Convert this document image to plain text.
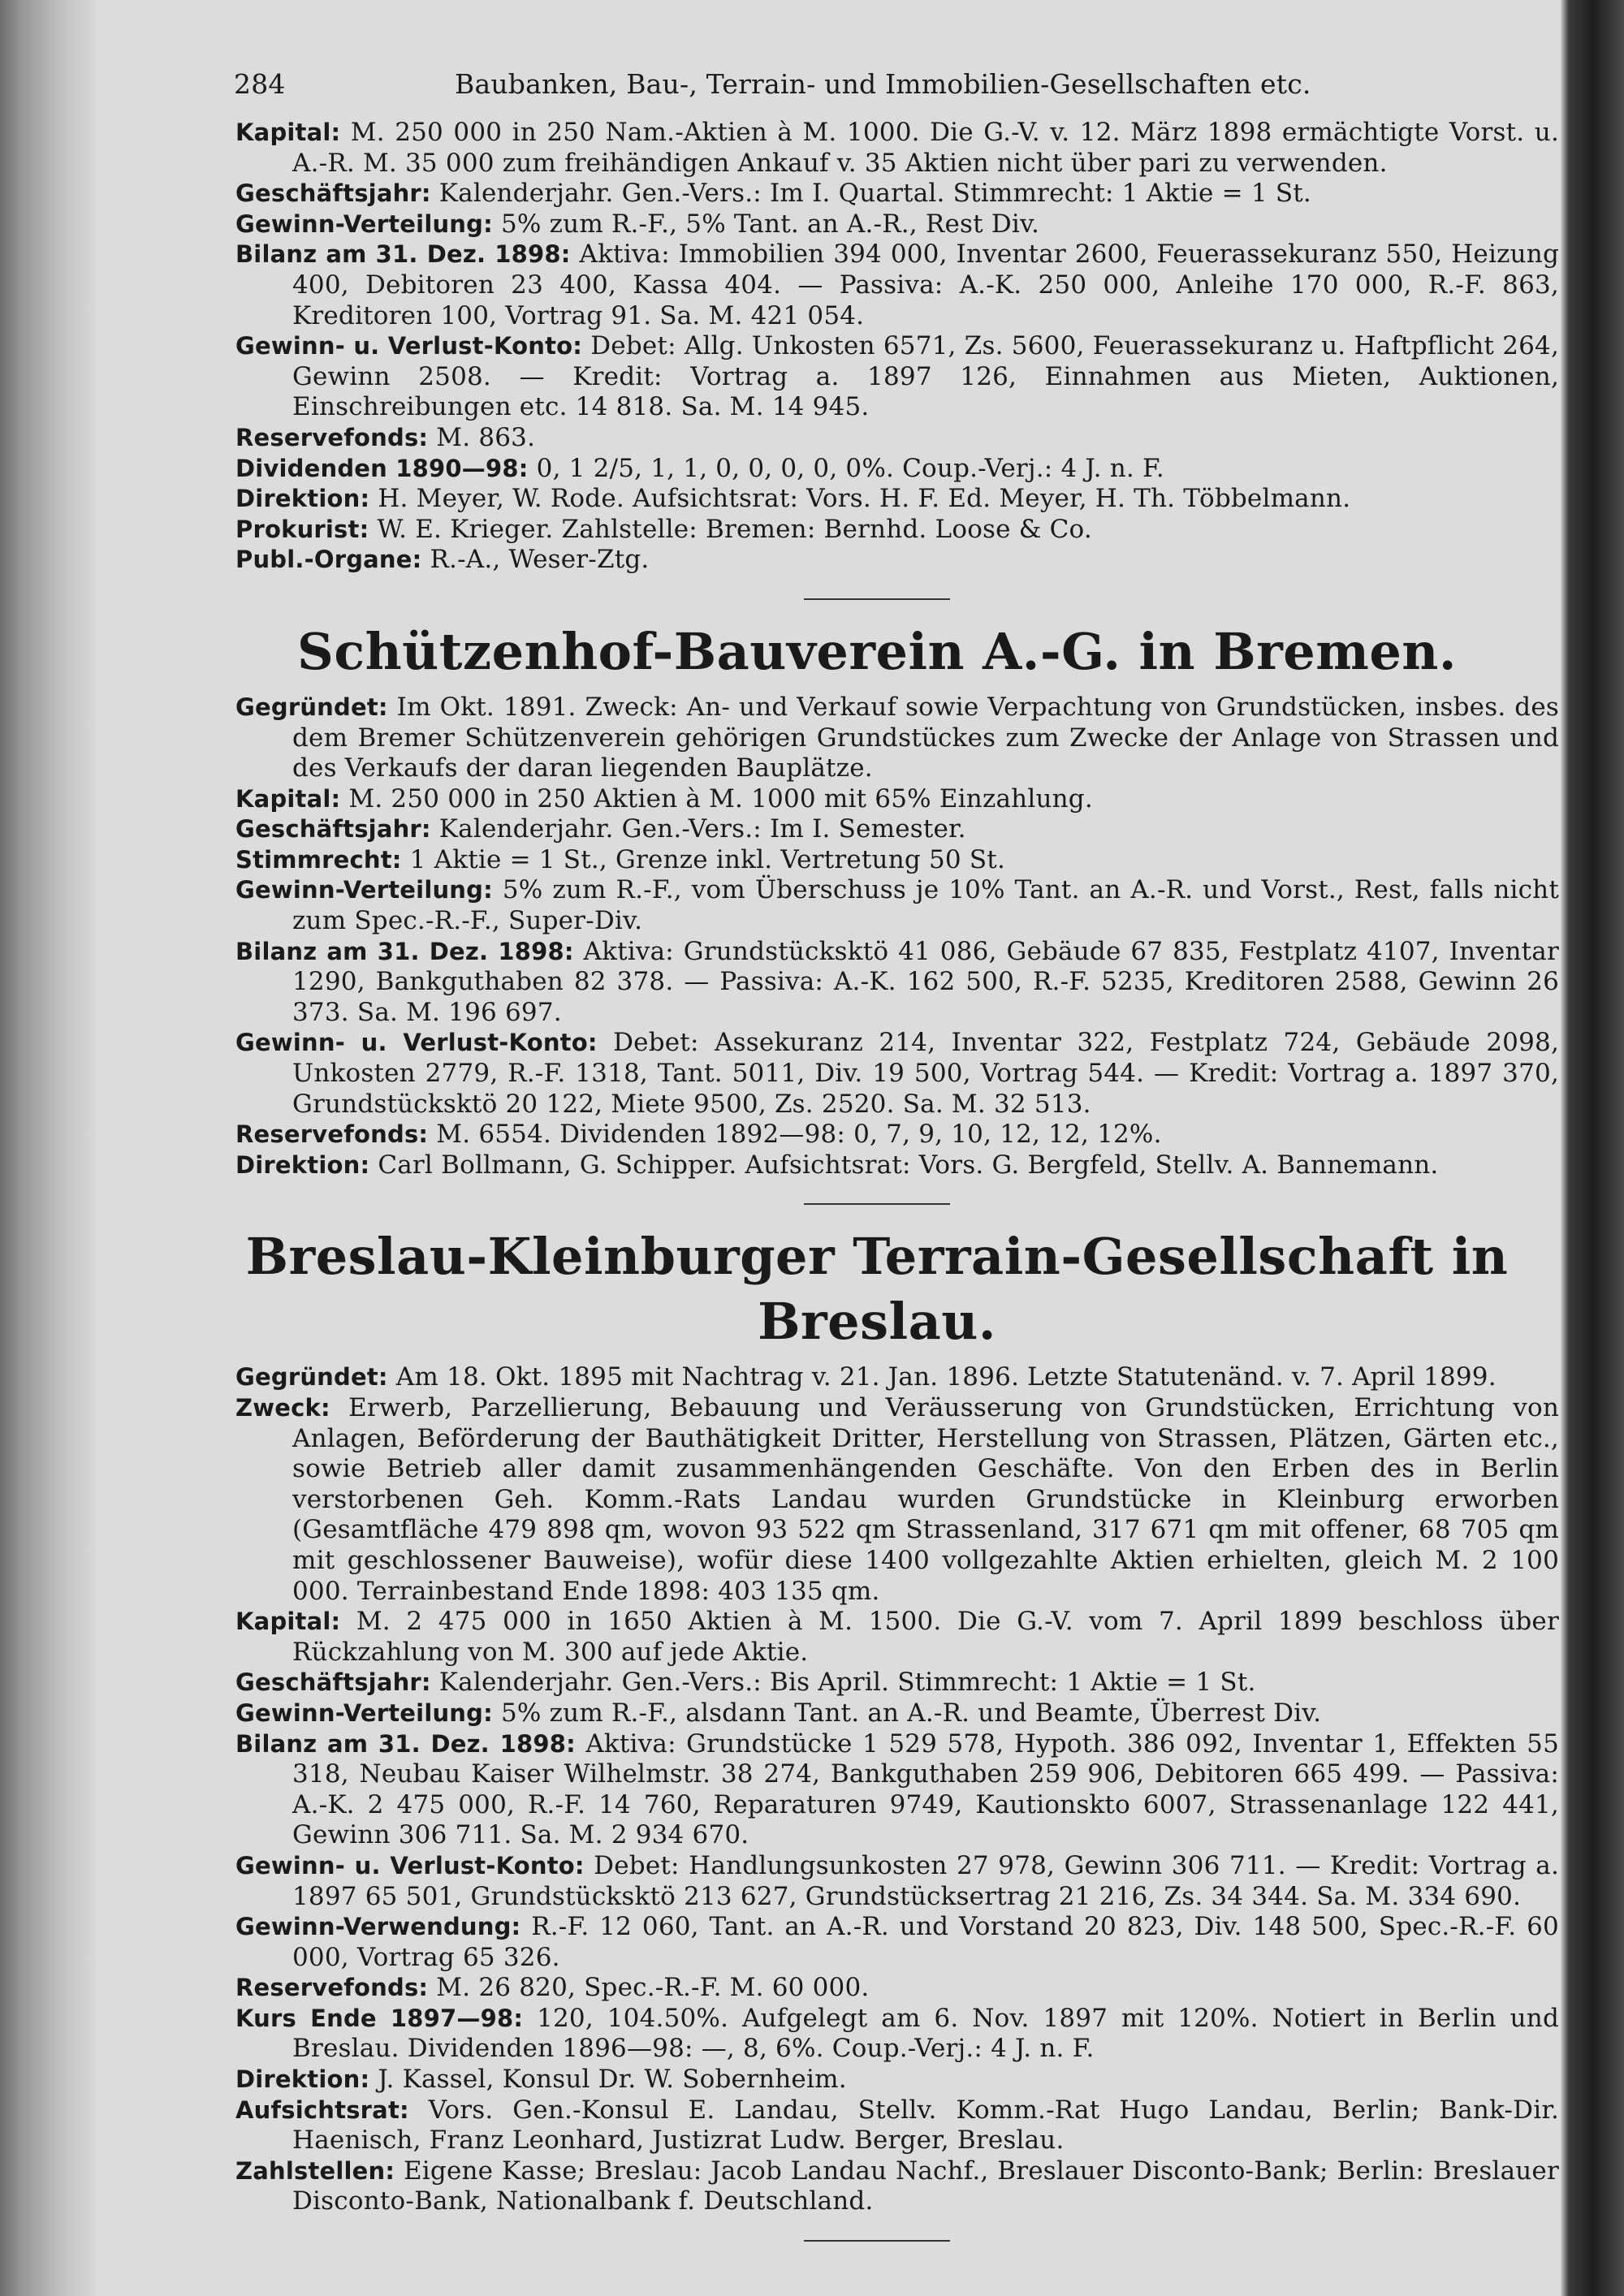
284	Baubanken, Bau-, Terrain- und Immobilien-Gesellschaften etc.

Kapital: M. 250 000 in 250 Nam.-Aktien à M. 1000. Die G.-V. v. 12. März 1898 ermächtigte Vorst. u. A.-R. M. 35 000 zum freihändigen Ankauf v. 35 Aktien nicht über pari zu verwenden.

Geschäftsjahr: Kalenderjahr. Gen.-Vers.: Im I. Quartal. Stimmrecht: 1 Aktie = 1 St.

Gewinn-Verteilung: 5% zum R.-F., 5% Tant. an A.-R., Rest Div.

Bilanz am 31. Dez. 1898: Aktiva: Immobilien 394 000, Inventar 2600, Feuerassekuranz 550, Heizung 400, Debitoren 23 400, Kassa 404. — Passiva: A.-K. 250 000, Anleihe 170 000, R.-F. 863, Kreditoren 100, Vortrag 91. Sa. M. 421 054.

Gewinn- u. Verlust-Konto: Debet: Allg. Unkosten 6571, Zs. 5600, Feuerassekuranz u. Haftpflicht 264, Gewinn 2508. — Kredit: Vortrag a. 1897 126, Einnahmen aus Mieten, Auktionen, Einschreibungen etc. 14 818. Sa. M. 14 945.

Reservefonds: M. 863.

Dividenden 1890—98: 0, 1 2/5, 1, 1, 0, 0, 0, 0, 0%. Coup.-Verj.: 4 J. n. F.

Direktion: H. Meyer, W. Rode. Aufsichtsrat: Vors. H. F. Ed. Meyer, H. Th. Többelmann.

Prokurist: W. E. Krieger. Zahlstelle: Bremen: Bernhd. Loose & Co.

Publ.-Organe: R.-A., Weser-Ztg.

Schützenhof-Bauverein A.-G. in Bremen.

Gegründet: Im Okt. 1891. Zweck: An- und Verkauf sowie Verpachtung von Grundstücken, insbes. des dem Bremer Schützenverein gehörigen Grundstückes zum Zwecke der Anlage von Strassen und des Verkaufs der daran liegenden Bauplätze.

Kapital: M. 250 000 in 250 Aktien à M. 1000 mit 65% Einzahlung.

Geschäftsjahr: Kalenderjahr. Gen.-Vers.: Im I. Semester.

Stimmrecht: 1 Aktie = 1 St., Grenze inkl. Vertretung 50 St.

Gewinn-Verteilung: 5% zum R.-F., vom Überschuss je 10% Tant. an A.-R. und Vorst., Rest, falls nicht zum Spec.-R.-F., Super-Div.

Bilanz am 31. Dez. 1898: Aktiva: Grundstücksktö 41 086, Gebäude 67 835, Festplatz 4107, Inventar 1290, Bankguthaben 82 378. — Passiva: A.-K. 162 500, R.-F. 5235, Kreditoren 2588, Gewinn 26 373. Sa. M. 196 697.

Gewinn- u. Verlust-Konto: Debet: Assekuranz 214, Inventar 322, Festplatz 724, Gebäude 2098, Unkosten 2779, R.-F. 1318, Tant. 5011, Div. 19 500, Vortrag 544. — Kredit: Vortrag a. 1897 370, Grundstücksktö 20 122, Miete 9500, Zs. 2520. Sa. M. 32 513.

Reservefonds: M. 6554. Dividenden 1892—98: 0, 7, 9, 10, 12, 12, 12%.

Direktion: Carl Bollmann, G. Schipper. Aufsichtsrat: Vors. G. Bergfeld, Stellv. A. Bannemann.

Breslau-Kleinburger Terrain-Gesellschaft in Breslau.

Gegründet: Am 18. Okt. 1895 mit Nachtrag v. 21. Jan. 1896. Letzte Statutenänd. v. 7. April 1899.

Zweck: Erwerb, Parzellierung, Bebauung und Veräusserung von Grundstücken, Errichtung von Anlagen, Beförderung der Bauthätigkeit Dritter, Herstellung von Strassen, Plätzen, Gärten etc., sowie Betrieb aller damit zusammenhängenden Geschäfte. Von den Erben des in Berlin verstorbenen Geh. Komm.-Rats Landau wurden Grundstücke in Kleinburg erworben (Gesamtfläche 479 898 qm, wovon 93 522 qm Strassenland, 317 671 qm mit offener, 68 705 qm mit geschlossener Bauweise), wofür diese 1400 vollgezahlte Aktien erhielten, gleich M. 2 100 000. Terrainbestand Ende 1898: 403 135 qm.

Kapital: M. 2 475 000 in 1650 Aktien à M. 1500. Die G.-V. vom 7. April 1899 beschloss über Rückzahlung von M. 300 auf jede Aktie.

Geschäftsjahr: Kalenderjahr. Gen.-Vers.: Bis April. Stimmrecht: 1 Aktie = 1 St.

Gewinn-Verteilung: 5% zum R.-F., alsdann Tant. an A.-R. und Beamte, Überrest Div.

Bilanz am 31. Dez. 1898: Aktiva: Grundstücke 1 529 578, Hypoth. 386 092, Inventar 1, Effekten 55 318, Neubau Kaiser Wilhelmstr. 38 274, Bankguthaben 259 906, Debitoren 665 499. — Passiva: A.-K. 2 475 000, R.-F. 14 760, Reparaturen 9749, Kautionskto 6007, Strassenanlage 122 441, Gewinn 306 711. Sa. M. 2 934 670.

Gewinn- u. Verlust-Konto: Debet: Handlungsunkosten 27 978, Gewinn 306 711. — Kredit: Vortrag a. 1897 65 501, Grundstücksktö 213 627, Grundstücksertrag 21 216, Zs. 34 344. Sa. M. 334 690.

Gewinn-Verwendung: R.-F. 12 060, Tant. an A.-R. und Vorstand 20 823, Div. 148 500, Spec.-R.-F. 60 000, Vortrag 65 326.

Reservefonds: M. 26 820, Spec.-R.-F. M. 60 000.

Kurs Ende 1897—98: 120, 104.50%. Aufgelegt am 6. Nov. 1897 mit 120%. Notiert in Berlin und Breslau. Dividenden 1896—98: —, 8, 6%. Coup.-Verj.: 4 J. n. F.

Direktion: J. Kassel, Konsul Dr. W. Sobernheim.

Aufsichtsrat: Vors. Gen.-Konsul E. Landau, Stellv. Komm.-Rat Hugo Landau, Berlin; Bank-Dir. Haenisch, Franz Leonhard, Justizrat Ludw. Berger, Breslau.

Zahlstellen: Eigene Kasse; Breslau: Jacob Landau Nachf., Breslauer Disconto-Bank; Berlin: Breslauer Disconto-Bank, Nationalbank f. Deutschland.
